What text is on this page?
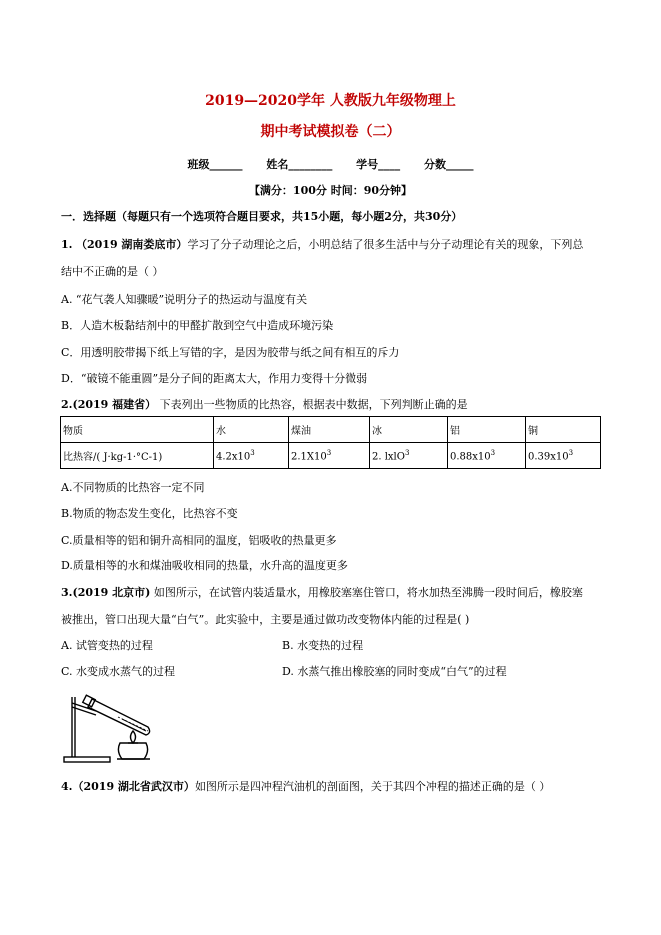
2019—2020学年 人教版九年级物理上
期中考试模拟卷（二）
班级______ 姓名________ 学号____ 分数_____
【满分：100分 时间：90分钟】
一．选择题（每题只有一个选项符合题目要求，共15小题，每小题2分，共30分）
1. （2019 湖南娄底市）学习了分子动理论之后，小明总结了很多生活中与分子动理论有关的现象，下列总
结中不正确的是（ ）
A. “花气袭人知骤暖”说明分子的热运动与温度有关
B．人造木板黏结剂中的甲醛扩散到空气中造成环境污染
C．用透明胶带揭下纸上写错的字，是因为胶带与纸之间有相互的斥力
D．“破镜不能重圆”是分子间的距离太大，作用力变得十分微弱
2.(2019 福建省） 下表列出一些物质的比热容，根据表中数据，下列判断止确的是
物质	水	煤油	冰	铝	铜
比热容/( J·kg-1·°C-1)	$4.2x10^3$	$2.1X10^3$	2. lxlO$^3$	$0.88x10^3$	$0.39x10^3$
A.不同物质的比热容一定不同
B.物质的物态发生变化，比热容不变
C.质量相等的铝和铜升高相同的温度，铝吸收的热量更多
D.质量相等的水和煤油吸收相同的热量，水升高的温度更多
3.(2019 北京市) 如图所示，在试管内装适量水，用橡胶塞塞住管口，将水加热至沸腾一段时间后，橡胶塞
被推出，管口出现大量“白气”。此实验中，主要是通过做功改变物体内能的过程是( )
A. 试管变热的过程	B. 水变热的过程
C. 水变成水蒸气的过程	D. 水蒸气推出橡胶塞的同时变成“白气”的过程
4.（2019 湖北省武汉市）如图所示是四冲程汽油机的剖面图，关于其四个冲程的描述正确的是（ ）
